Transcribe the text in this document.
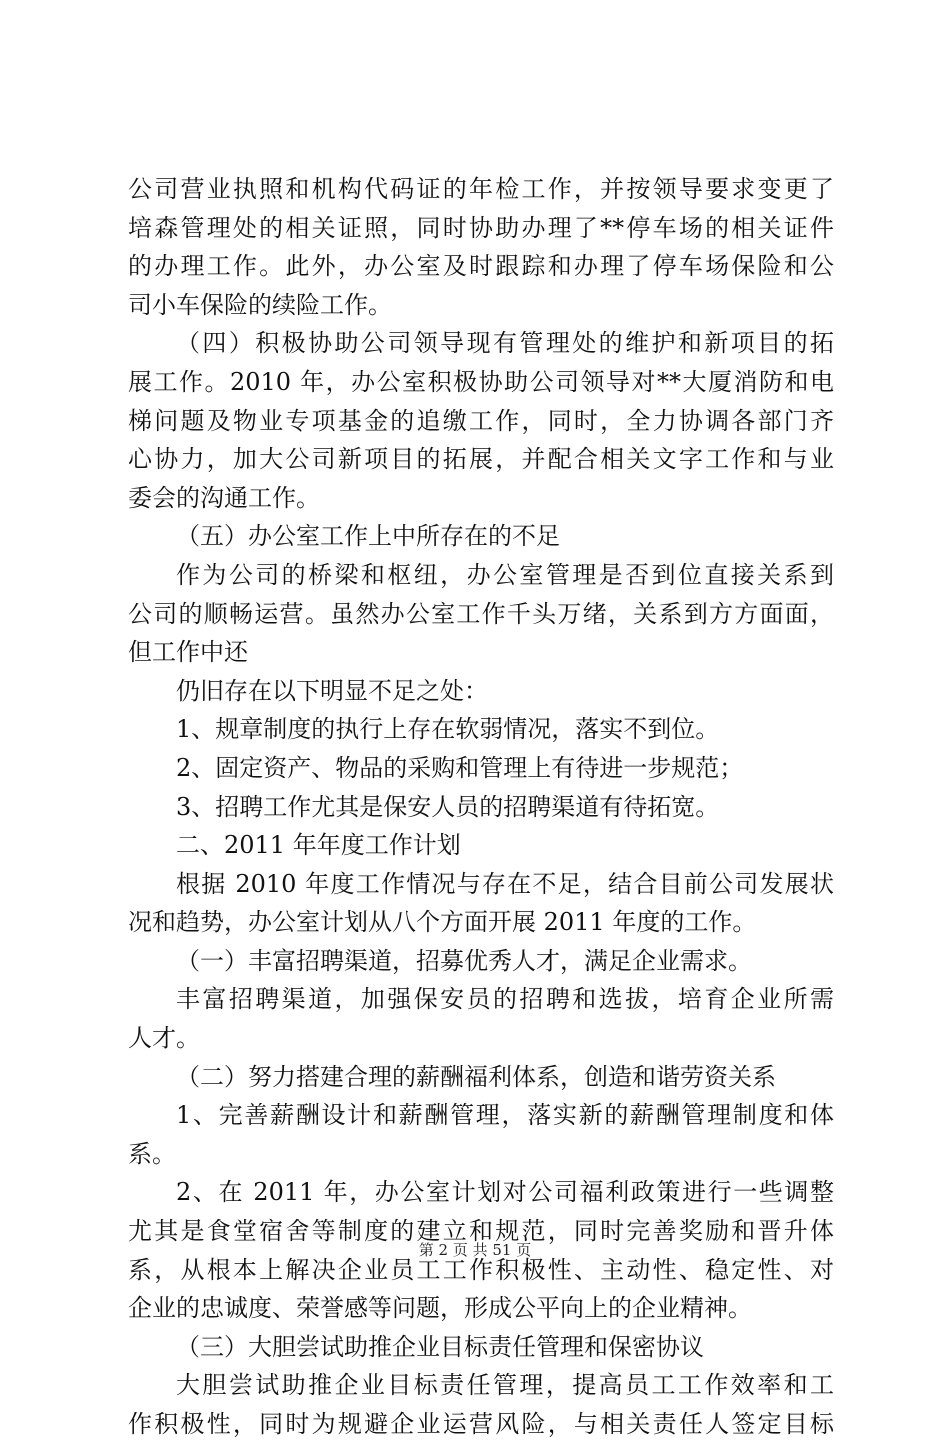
公司营业执照和机构代码证的年检工作，并按领导要求变更了
培森管理处的相关证照，同时协助办理了**停车场的相关证件
的办理工作。此外，办公室及时跟踪和办理了停车场保险和公
司小车保险的续险工作。
（四）积极协助公司领导现有管理处的维护和新项目的拓
展工作。2010 年，办公室积极协助公司领导对**大厦消防和电
梯问题及物业专项基金的追缴工作，同时，全力协调各部门齐
心协力，加大公司新项目的拓展，并配合相关文字工作和与业
委会的沟通工作。
（五）办公室工作上中所存在的不足
作为公司的桥梁和枢纽，办公室管理是否到位直接关系到
公司的顺畅运营。虽然办公室工作千头万绪，关系到方方面面，
但工作中还
仍旧存在以下明显不足之处：
1、规章制度的执行上存在软弱情况，落实不到位。
2、固定资产、物品的采购和管理上有待进一步规范；
3、招聘工作尤其是保安人员的招聘渠道有待拓宽。
二、2011 年年度工作计划
根据 2010 年度工作情况与存在不足，结合目前公司发展状
况和趋势，办公室计划从八个方面开展 2011 年度的工作。
（一）丰富招聘渠道，招募优秀人才，满足企业需求。
丰富招聘渠道，加强保安员的招聘和选拔，培育企业所需
人才。
（二）努力搭建合理的薪酬福利体系，创造和谐劳资关系
1、完善薪酬设计和薪酬管理，落实新的薪酬管理制度和体
系。
2、在 2011 年，办公室计划对公司福利政策进行一些调整
尤其是食堂宿舍等制度的建立和规范，同时完善奖励和晋升体
系，从根本上解决企业员工工作积极性、主动性、稳定性、对
企业的忠诚度、荣誉感等问题，形成公平向上的企业精神。
（三）大胆尝试助推企业目标责任管理和保密协议
大胆尝试助推企业目标责任管理，提高员工工作效率和工
作积极性，同时为规避企业运营风险，与相关责任人签定目标
第 2 页 共 51 页
